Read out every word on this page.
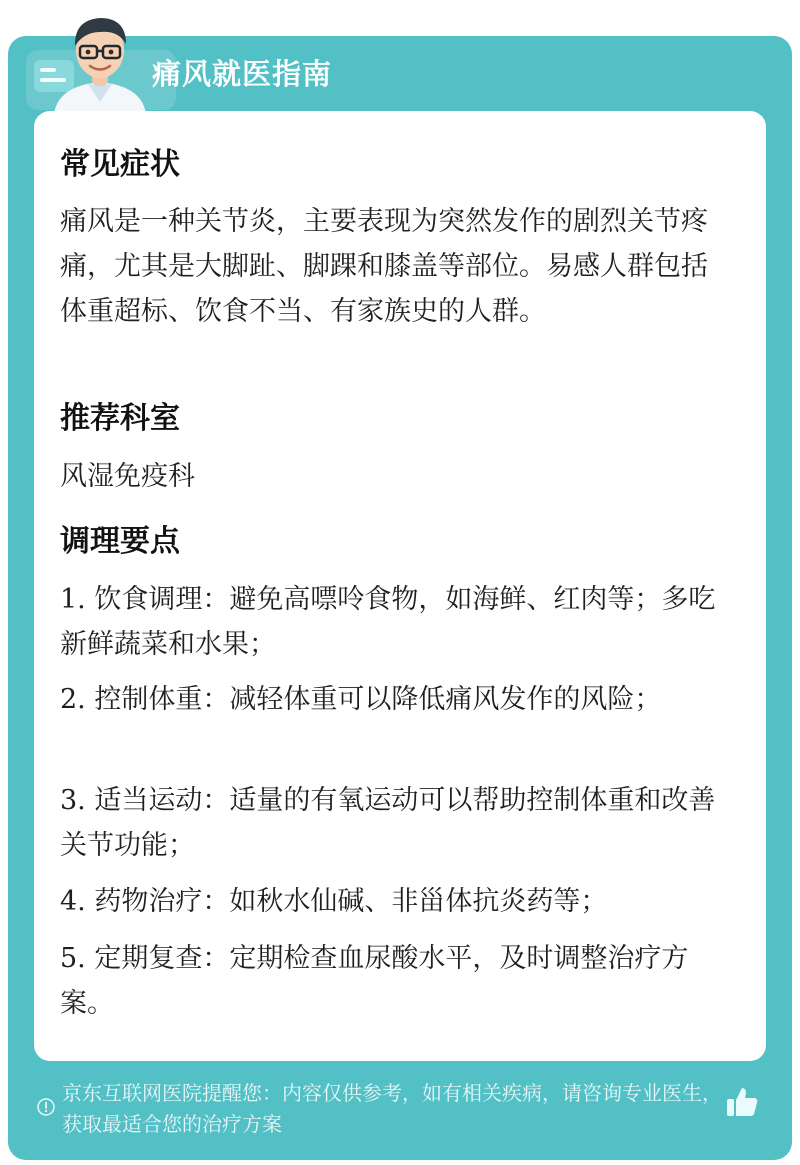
痛风就医指南
常见症状
痛风是一种关节炎，主要表现为突然发作的剧烈关节疼痛，尤其是大脚趾、脚踝和膝盖等部位。易感人群包括体重超标、饮食不当、有家族史的人群。
推荐科室
风湿免疫科
调理要点
1. 饮食调理：避免高嘌呤食物，如海鲜、红肉等；多吃新鲜蔬菜和水果；
2. 控制体重：减轻体重可以降低痛风发作的风险；
3. 适当运动：适量的有氧运动可以帮助控制体重和改善关节功能；
4. 药物治疗：如秋水仙碱、非甾体抗炎药等；
5. 定期复查：定期检查血尿酸水平，及时调整治疗方案。
京东互联网医院提醒您：内容仅供参考，如有相关疾病，请咨询专业医生，获取最适合您的治疗方案
